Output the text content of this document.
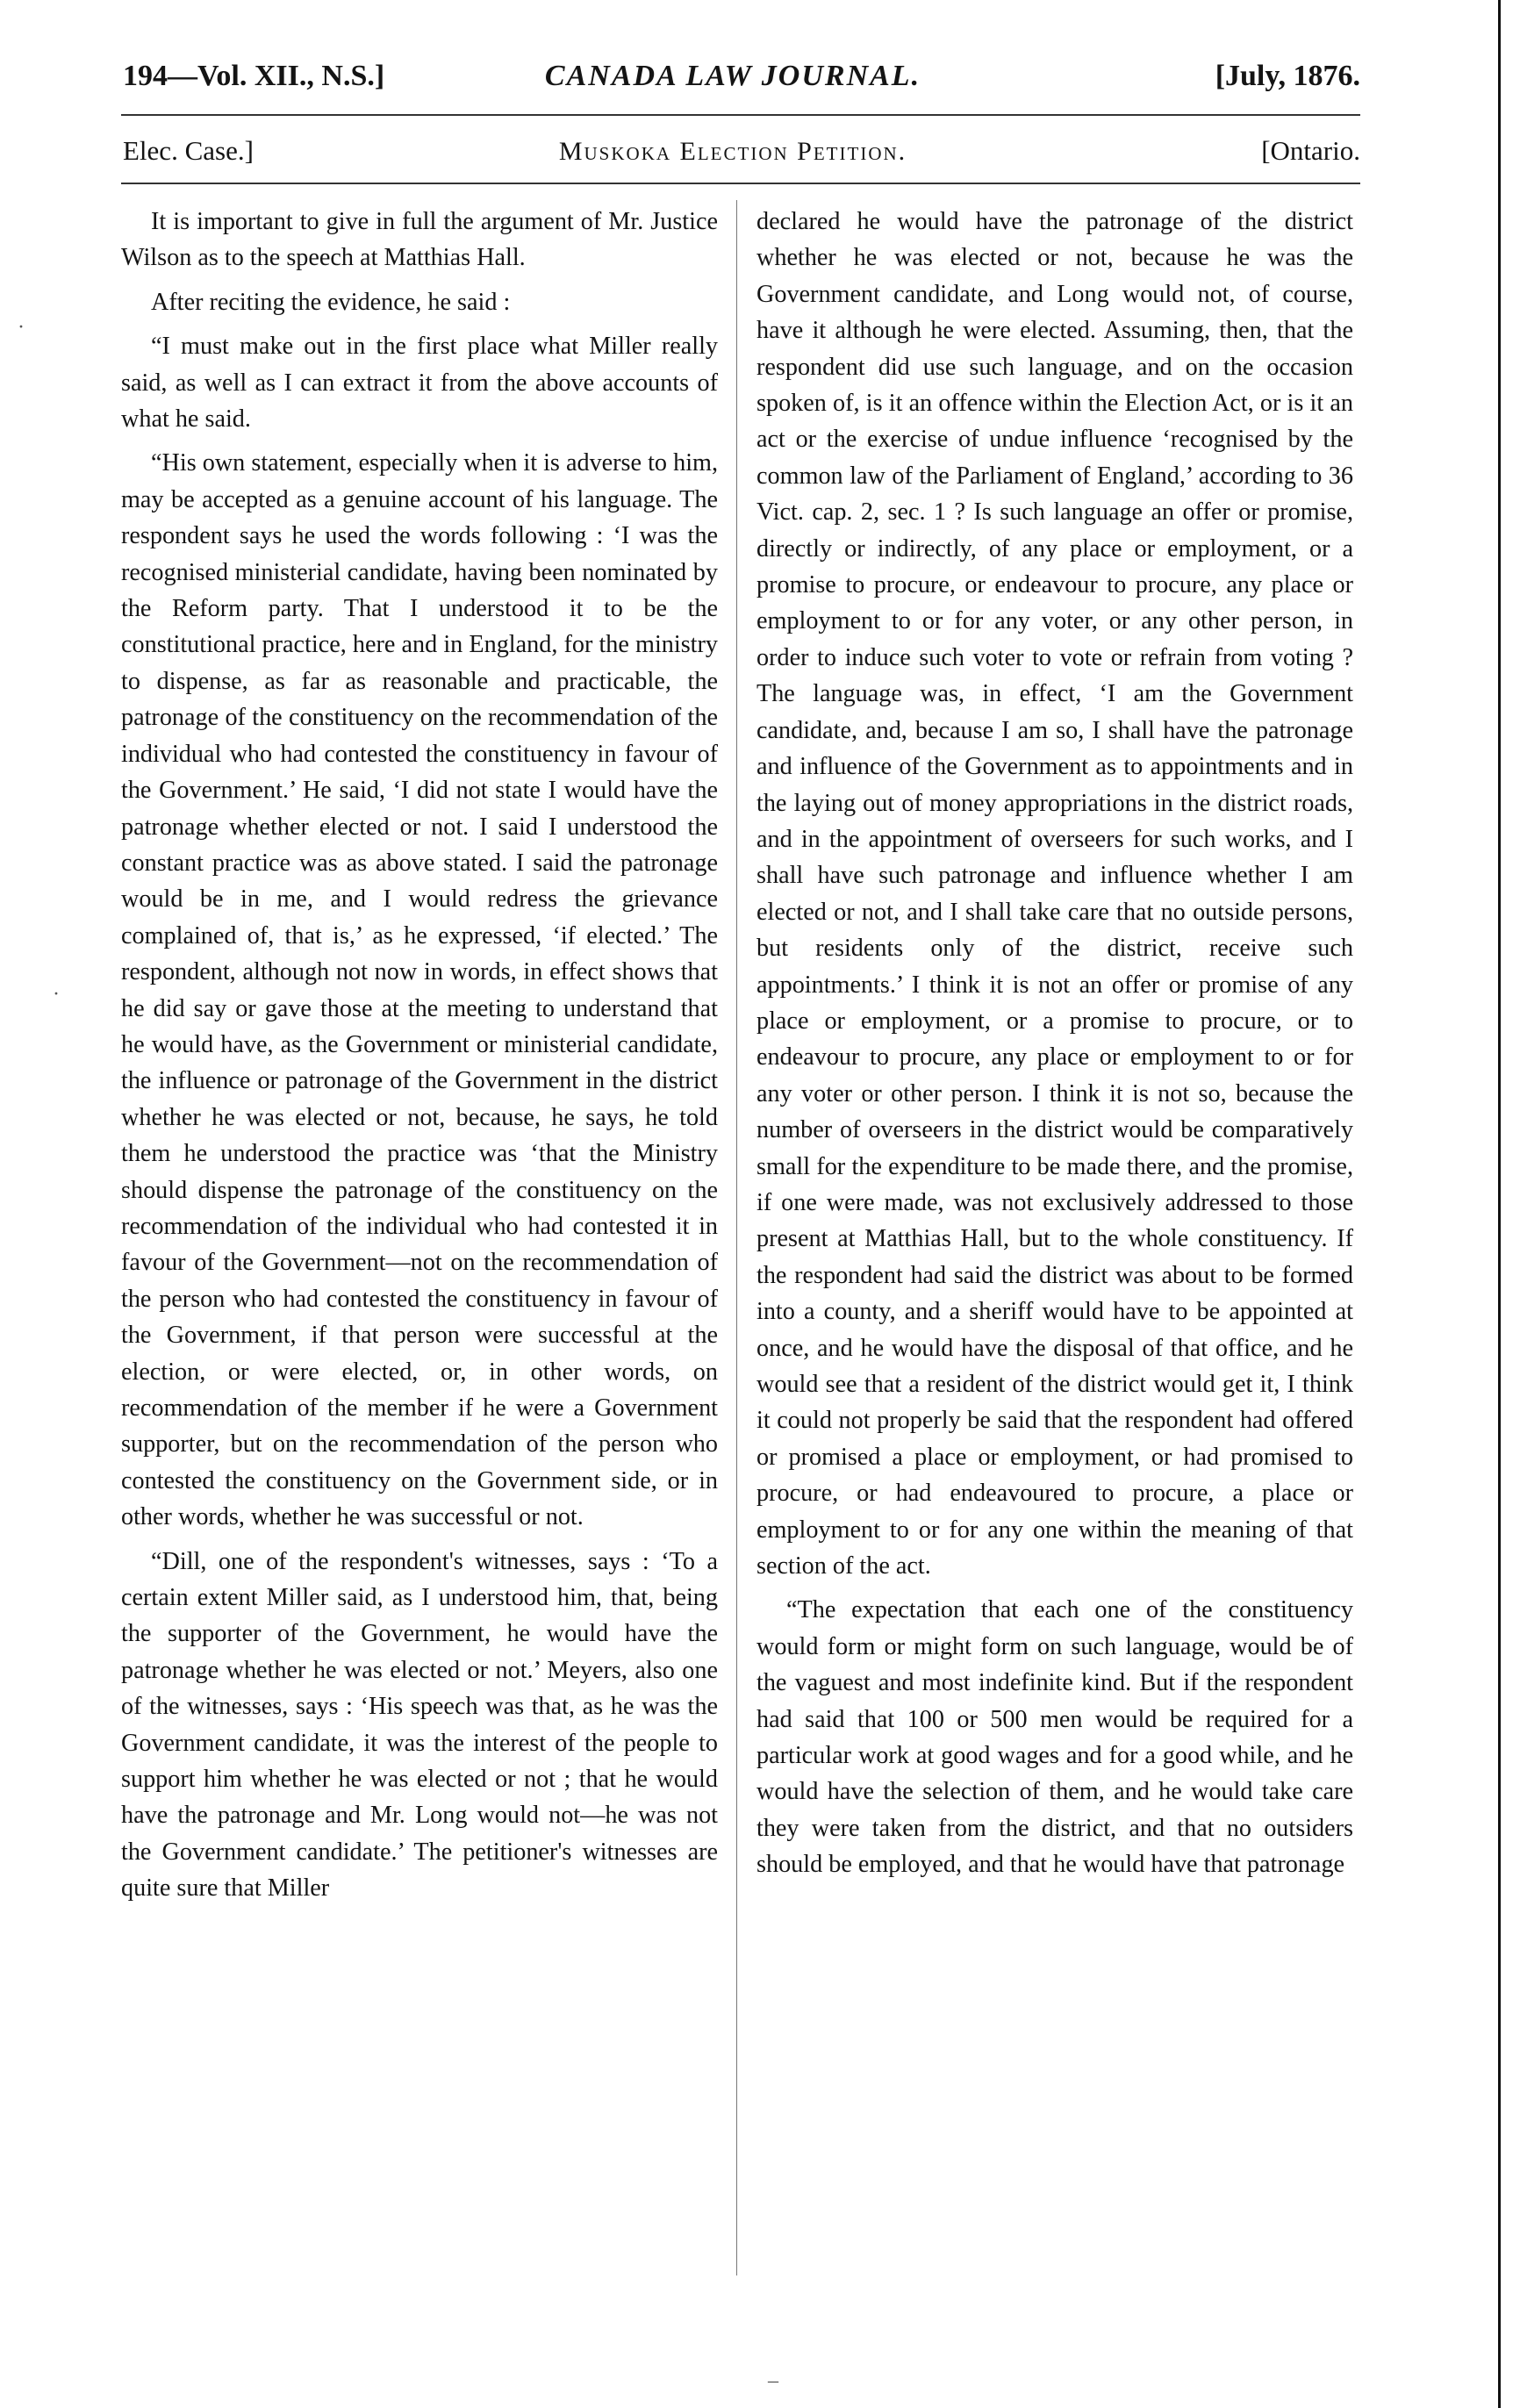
194—Vol. XII., N.S.]	CANADA LAW JOURNAL.	[July, 1876.
Elec. Case.]	Muskoka Election Petition.	[Ontario.

It is important to give in full the argument of Mr. Justice Wilson as to the speech at Matthias Hall.

After reciting the evidence, he said :

“I must make out in the first place what Miller really said, as well as I can extract it from the above accounts of what he said.

“His own statement, especially when it is adverse to him, may be accepted as a genuine account of his language. The respondent says he used the words following : ‘I was the recognised ministerial candidate, having been nominated by the Reform party. That I understood it to be the constitutional practice, here and in England, for the ministry to dispense, as far as reasonable and practicable, the patronage of the constituency on the recommendation of the individual who had contested the constituency in favour of the Government.’ He said, ‘I did not state I would have the patronage whether elected or not. I said I understood the constant practice was as above stated. I said the patronage would be in me, and I would redress the grievance complained of, that is,’ as he expressed, ‘if elected.’ The respondent, although not now in words, in effect shows that he did say or gave those at the meeting to understand that he would have, as the Government or ministerial candidate, the influence or patronage of the Government in the district whether he was elected or not, because, he says, he told them he understood the practice was ‘that the Ministry should dispense the patronage of the constituency on the recommendation of the individual who had contested it in favour of the Government—not on the recommendation of the person who had contested the constituency in favour of the Government, if that person were successful at the election, or were elected, or, in other words, on recommendation of the member if he were a Government supporter, but on the recommendation of the person who contested the constituency on the Government side, or in other words, whether he was successful or not.

“Dill, one of the respondent's witnesses, says : ‘To a certain extent Miller said, as I understood him, that, being the supporter of the Government, he would have the patronage whether he was elected or not.’ Meyers, also one of the witnesses, says : ‘His speech was that, as he was the Government candidate, it was the interest of the people to support him whether he was elected or not ; that he would have the patronage and Mr. Long would not—he was not the Government candidate.’ The petitioner's witnesses are quite sure that Miller

declared he would have the patronage of the district whether he was elected or not, because he was the Government candidate, and Long would not, of course, have it although he were elected. Assuming, then, that the respondent did use such language, and on the occasion spoken of, is it an offence within the Election Act, or is it an act or the exercise of undue influence ‘recognised by the common law of the Parliament of England,’ according to 36 Vict. cap. 2, sec. 1 ? Is such language an offer or promise, directly or indirectly, of any place or employment, or a promise to procure, or endeavour to procure, any place or employment to or for any voter, or any other person, in order to induce such voter to vote or refrain from voting ? The language was, in effect, ‘I am the Government candidate, and, because I am so, I shall have the patronage and influence of the Government as to appointments and in the laying out of money appropriations in the district roads, and in the appointment of overseers for such works, and I shall have such patronage and influence whether I am elected or not, and I shall take care that no outside persons, but residents only of the district, receive such appointments.’ I think it is not an offer or promise of any place or employment, or a promise to procure, or to endeavour to procure, any place or employment to or for any voter or other person. I think it is not so, because the number of overseers in the district would be comparatively small for the expenditure to be made there, and the promise, if one were made, was not exclusively addressed to those present at Matthias Hall, but to the whole constituency. If the respondent had said the district was about to be formed into a county, and a sheriff would have to be appointed at once, and he would have the disposal of that office, and he would see that a resident of the district would get it, I think it could not properly be said that the respondent had offered or promised a place or employment, or had promised to procure, or had endeavoured to procure, a place or employment to or for any one within the meaning of that section of the act.

“The expectation that each one of the constituency would form or might form on such language, would be of the vaguest and most indefinite kind. But if the respondent had said that 100 or 500 men would be required for a particular work at good wages and for a good while, and he would have the selection of them, and he would take care they were taken from the district, and that no outsiders should be employed, and that he would have that patronage

·
·
–
